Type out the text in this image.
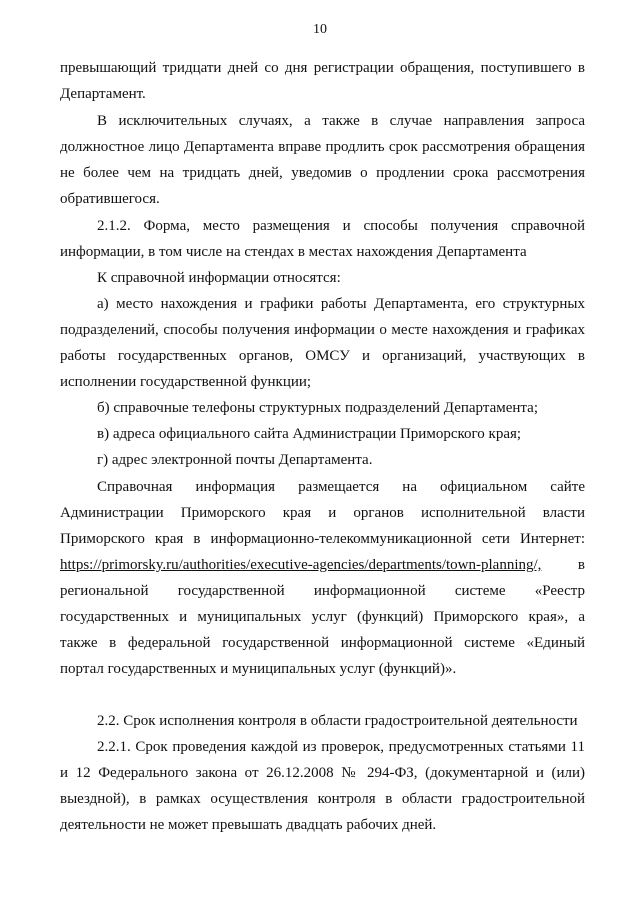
10
превышающий тридцати дней со дня регистрации обращения, поступившего в
Департамент.
В исключительных случаях, а также в случае направления запроса
должностное лицо Департамента вправе продлить срок рассмотрения обращения
не более чем на тридцать дней, уведомив о продлении срока рассмотрения
обратившегося.
2.1.2. Форма, место размещения и способы получения справочной
информации, в том числе на стендах в местах нахождения Департамента
К справочной информации относятся:
а) место нахождения и графики работы Департамента, его структурных
подразделений, способы получения информации о месте нахождения и графиках
работы государственных органов, ОМСУ и организаций, участвующих в
исполнении государственной функции;
б) справочные телефоны структурных подразделений Департамента;
в) адреса официального сайта Администрации Приморского края;
г) адрес электронной почты Департамента.
Справочная информация размещается на официальном сайте
Администрации Приморского края и органов исполнительной власти
Приморского края в информационно-телекоммуникационной сети Интернет:
https://primorsky.ru/authorities/executive-agencies/departments/town-planning/, в
региональной государственной информационной системе «Реестр
государственных и муниципальных услуг (функций) Приморского края», а
также в федеральной государственной информационной системе «Единый
портал государственных и муниципальных услуг (функций)».
2.2. Срок исполнения контроля в области градостроительной деятельности
2.2.1. Срок проведения каждой из проверок, предусмотренных статьями 11
и 12 Федерального закона от 26.12.2008 № 294-ФЗ, (документарной и (или)
выездной), в рамках осуществления контроля в области градостроительной
деятельности не может превышать двадцать рабочих дней.
